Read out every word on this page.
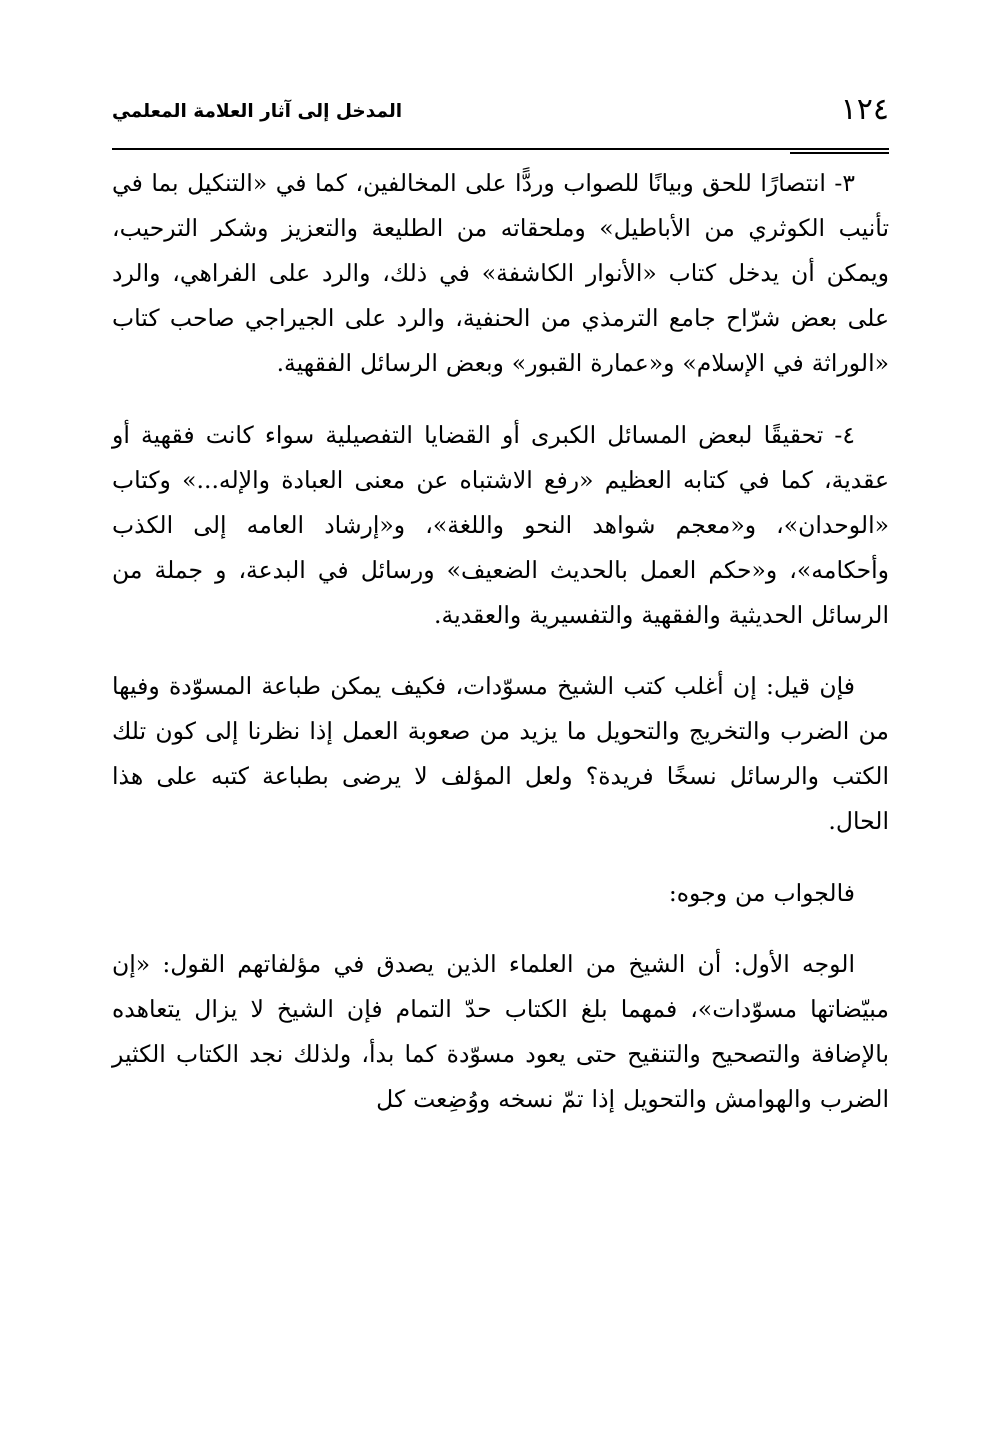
المدخل إلى آثار العلامة المعلمي	١٢٤

٣- انتصارًا للحق وبيانًا للصواب وردًّا على المخالفين، كما في «التنكيل بما في تأنيب الكوثري من الأباطيل» وملحقاته من الطليعة والتعزيز وشكر الترحيب، ويمكن أن يدخل كتاب «الأنوار الكاشفة» في ذلك، والرد على الفراهي، والرد على بعض شرّاح جامع الترمذي من الحنفية، والرد على الجيراجي صاحب كتاب «الوراثة في الإسلام» و«عمارة القبور» وبعض الرسائل الفقهية.

٤- تحقيقًا لبعض المسائل الكبرى أو القضايا التفصيلية سواء كانت فقهية أو عقدية، كما في كتابه العظيم «رفع الاشتباه عن معنى العبادة والإله...» وكتاب «الوحدان»، و«معجم شواهد النحو واللغة»، و«إرشاد العامه إلى الكذب وأحكامه»، و«حكم العمل بالحديث الضعيف» ورسائل في البدعة، و جملة من الرسائل الحديثية والفقهية والتفسيرية والعقدية.

فإن قيل: إن أغلب كتب الشيخ مسوّدات، فكيف يمكن طباعة المسوّدة وفيها من الضرب والتخريج والتحويل ما يزيد من صعوبة العمل إذا نظرنا إلى كون تلك الكتب والرسائل نسخًا فريدة؟ ولعل المؤلف لا يرضى بطباعة كتبه على هذا الحال.

فالجواب من وجوه:

الوجه الأول: أن الشيخ من العلماء الذين يصدق في مؤلفاتهم القول: «إن مبيّضاتها مسوّدات»، فمهما بلغ الكتاب حدّ التمام فإن الشيخ لا يزال يتعاهده بالإضافة والتصحيح والتنقيح حتى يعود مسوّدة كما بدأ، ولذلك نجد الكتاب الكثير الضرب والهوامش والتحويل إذا تمّ نسخه ووُضِعت كل
